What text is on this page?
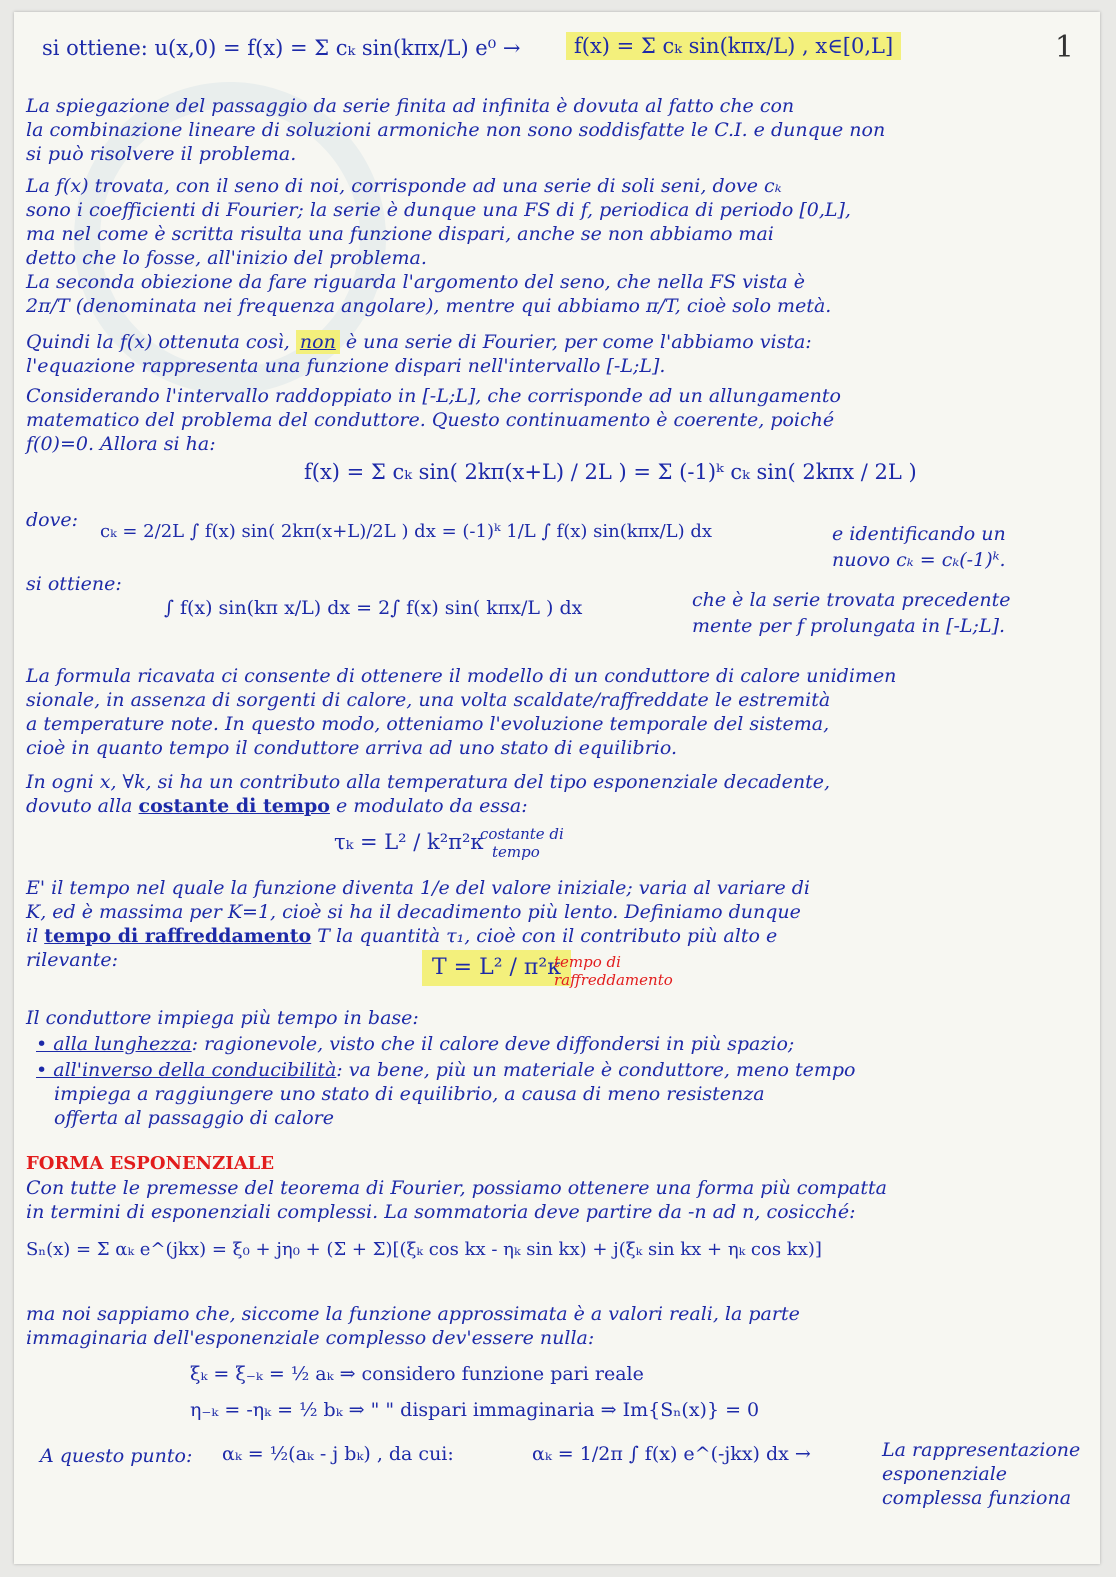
1
si ottiene: u(x,0) = f(x) = Σ cₖ sin(kπx/L) e⁰ →	f(x) = Σ cₖ sin(kπx/L) , x∈[0,L]
La spiegazione del passaggio da serie finita ad infinita è dovuta al fatto che con
la combinazione lineare di soluzioni armoniche non sono soddisfatte le C.I. e dunque non
si può risolvere il problema.
La f(x) trovata, con il seno di noi, corrisponde ad una serie di soli seni, dove cₖ
sono i coefficienti di Fourier; la serie è dunque una FS di f, periodica di periodo [0,L],
ma nel come è scritta risulta una funzione dispari, anche se non abbiamo mai
detto che lo fosse, all'inizio del problema.
La seconda obiezione da fare riguarda l'argomento del seno, che nella FS vista è
2π/T (denominata nei frequenza angolare), mentre qui abbiamo π/T, cioè solo metà.
Quindi la f(x) ottenuta così, non è una serie di Fourier, per come l'abbiamo vista:
l'equazione rappresenta una funzione dispari nell'intervallo [-L;L].
Considerando l'intervallo raddoppiato in [-L;L], che corrisponde ad un allungamento
matematico del problema del conduttore. Questo continuamento è coerente, poiché
f(0)=0. Allora si ha:
f(x) = Σ cₖ sin( 2kπ(x+L) / 2L ) = Σ (-1)ᵏ cₖ sin( 2kπx / 2L )
dove:
cₖ = 2/2L ∫ f(x) sin( 2kπ(x+L)/2L ) dx = (-1)ᵏ 1/L ∫ f(x) sin(kπx/L) dx	e identificando un
nuovo cₖ = cₖ(-1)ᵏ.
si ottiene:
∫ f(x) sin(kπ x/L) dx = 2∫ f(x) sin( kπx/L ) dx	che è la serie trovata precedente
mente per f prolungata in [-L;L].
La formula ricavata ci consente di ottenere il modello di un conduttore di calore unidimen
sionale, in assenza di sorgenti di calore, una volta scaldate/raffreddate le estremità
a temperature note. In questo modo, otteniamo l'evoluzione temporale del sistema,
cioè in quanto tempo il conduttore arriva ad uno stato di equilibrio.
In ogni x, ∀k, si ha un contributo alla temperatura del tipo esponenziale decadente,
dovuto alla costante di tempo e modulato da essa:
τₖ = L² / k²π²κ
costante di
tempo
E' il tempo nel quale la funzione diventa 1/e del valore iniziale; varia al variare di
K, ed è massima per K=1, cioè si ha il decadimento più lento. Definiamo dunque
il tempo di raffreddamento T la quantità τ₁, cioè con il contributo più alto e
rilevante:	T = L² / π²κ
tempo di
raffreddamento
Il conduttore impiega più tempo in base:
• alla lunghezza: ragionevole, visto che il calore deve diffondersi in più spazio;
• all'inverso della conducibilità: va bene, più un materiale è conduttore, meno tempo
impiega a raggiungere uno stato di equilibrio, a causa di meno resistenza
offerta al passaggio di calore
FORMA ESPONENZIALE
Con tutte le premesse del teorema di Fourier, possiamo ottenere una forma più compatta
in termini di esponenziali complessi. La sommatoria deve partire da -n ad n, cosicché:
Sₙ(x) = Σ αₖ e^(jkx) = ξ₀ + jη₀ + (Σ + Σ)[(ξₖ cos kx - ηₖ sin kx) + j(ξₖ sin kx + ηₖ cos kx)]
ma noi sappiamo che, siccome la funzione approssimata è a valori reali, la parte
immaginaria dell'esponenziale complesso dev'essere nulla:
ξₖ = ξ₋ₖ = ½ aₖ ⇒ considero funzione pari reale
η₋ₖ = -ηₖ = ½ bₖ ⇒ " " dispari immaginaria ⇒ Im{Sₙ(x)} = 0
A questo punto: αₖ = ½(aₖ - j bₖ) , da cui:	αₖ = 1/2π ∫ f(x) e^(-jkx) dx →	La rappresentazione
esponenziale
complessa funziona
